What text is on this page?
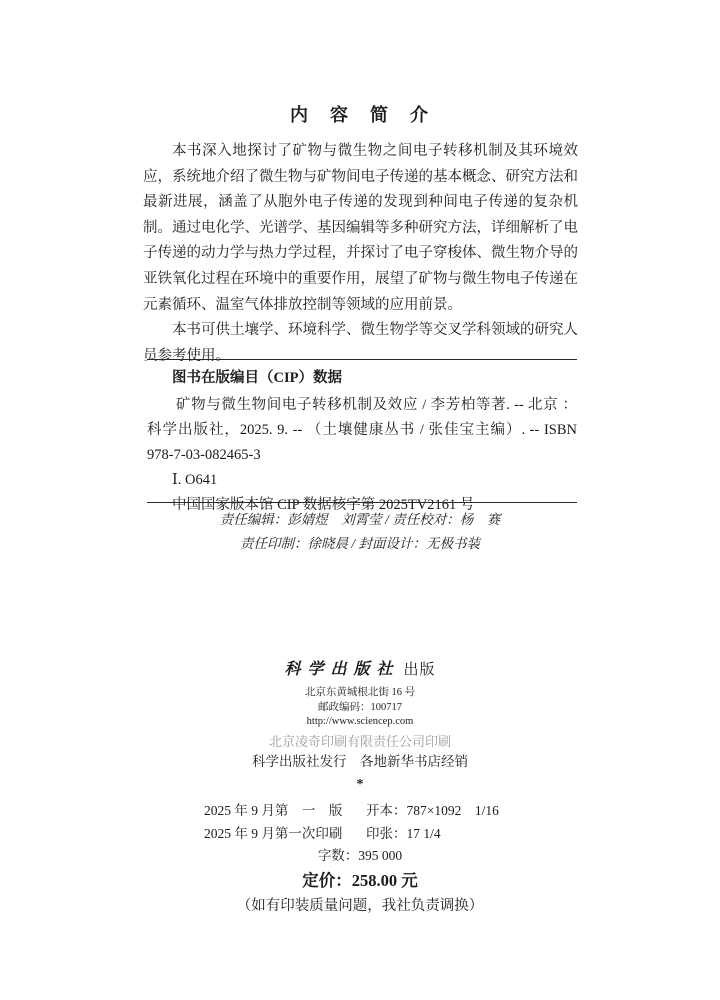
内　容　简　介

本书深入地探讨了矿物与微生物之间电子转移机制及其环境效应，系统地介绍了微生物与矿物间电子传递的基本概念、研究方法和最新进展，涵盖了从胞外电子传递的发现到种间电子传递的复杂机制。通过电化学、光谱学、基因编辑等多种研究方法，详细解析了电子传递的动力学与热力学过程，并探讨了电子穿梭体、微生物介导的亚铁氧化过程在环境中的重要作用，展望了矿物与微生物电子传递在元素循环、温室气体排放控制等领域的应用前景。

本书可供土壤学、环境科学、微生物学等交叉学科领域的研究人员参考使用。

图书在版编目（CIP）数据

矿物与微生物间电子转移机制及效应 / 李芳柏等著. -- 北京 ： 科学出版社，2025. 9. -- （土壤健康丛书 / 张佳宝主编）. -- ISBN 978-7-03-082465-3

Ⅰ. O641

中国国家版本馆 CIP 数据核字第 2025TV2161 号

责任编辑：彭婧煜　刘霄莹 / 责任校对：杨　赛
责任印制：徐晓晨 / 封面设计：无极书装
科学出版社 出版
北京东黄城根北街 16 号
邮政编码：100717
http://www.sciencep.com
北京凌奇印刷有限责任公司印刷
科学出版社发行　各地新华书店经销
*
2025 年 9 月第　一　版	开本：787×1092　1/16
2025 年 9 月第一次印刷	印张：17 1/4
字数：395 000
定价：258.00 元
（如有印装质量问题，我社负责调换）
